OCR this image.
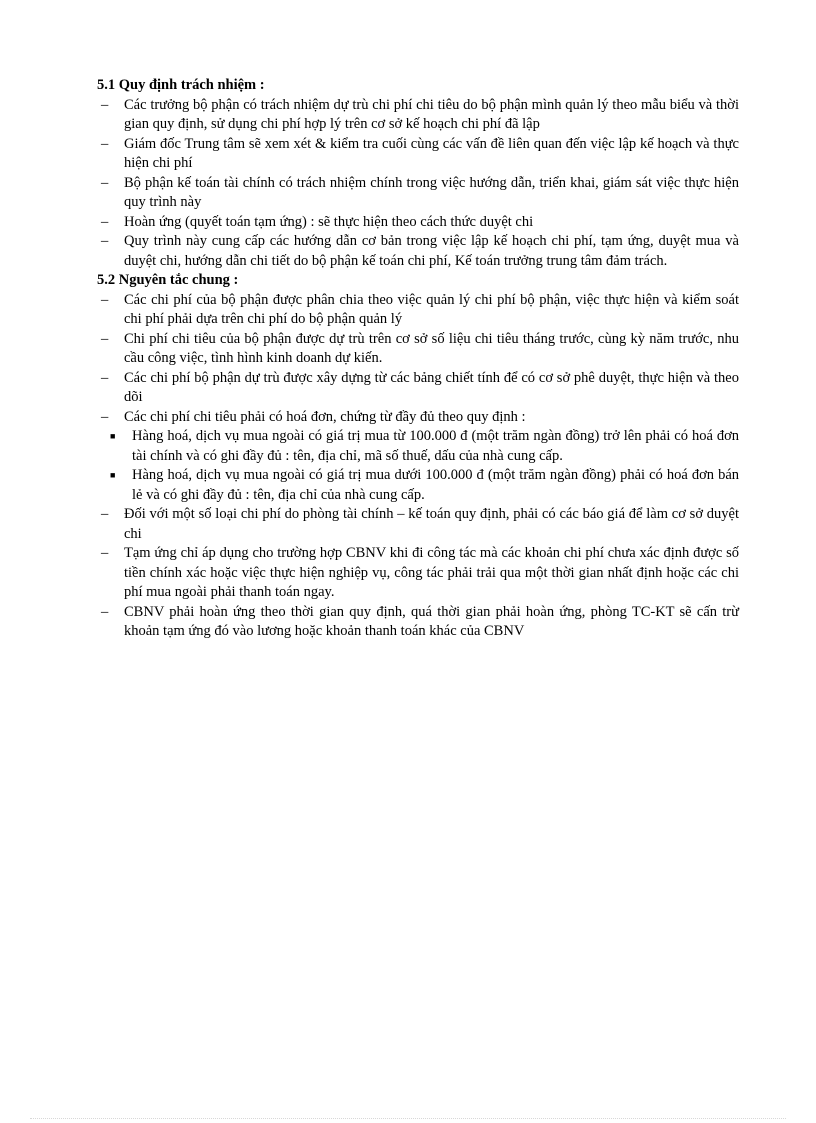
5.1 Quy định trách nhiệm :
–	Các trưởng bộ phận có trách nhiệm dự trù chi phí chi tiêu do bộ phận mình quản lý theo mẫu biểu và thời gian quy định, sử dụng chi phí hợp lý trên cơ sở kế hoạch chi phí đã lập
–	Giám đốc Trung tâm sẽ xem xét & kiểm tra cuối cùng các vấn đề liên quan đến việc lập kế hoạch và thực hiện chi phí
–	Bộ phận kế toán tài chính có trách nhiệm chính trong việc hướng dẫn, triển khai, giám sát việc thực hiện quy trình này
–	Hoàn ứng (quyết toán tạm ứng) : sẽ thực hiện theo cách thức duyệt chi
–	Quy trình này cung cấp các hướng dẫn cơ bản trong việc lập kế hoạch chi phí, tạm ứng, duyệt mua và duyệt chi, hướng dẫn chi tiết do bộ phận kế toán chi phí, Kế toán trưởng trung tâm đảm trách.
5.2 Nguyên tắc chung :
–	Các chi phí của bộ phận được phân chia theo việc quản lý chi phí bộ phận, việc thực hiện và kiểm soát chi phí phải dựa trên chi phí do bộ phận quản lý
–	Chi phí chi tiêu của bộ phận được dự trù trên cơ sở số liệu chi tiêu tháng trước, cùng kỳ năm trước, nhu cầu công việc, tình hình kinh doanh dự kiến.
–	Các chi phí bộ phận dự trù được xây dựng từ các bảng chiết tính để có cơ sở phê duyệt, thực hiện và theo dõi
–	Các chi phí chi tiêu phải có hoá đơn, chứng từ đầy đủ theo quy định :
■	Hàng hoá, dịch vụ mua ngoài có giá trị mua từ 100.000 đ (một trăm ngàn đồng) trở lên phải có hoá đơn tài chính và có ghi đầy đủ : tên, địa chỉ, mã số thuế, dấu của nhà cung cấp.
■	Hàng hoá, dịch vụ mua ngoài có giá trị mua dưới 100.000 đ (một trăm ngàn đồng) phải có hoá đơn bán lẻ và có ghi đầy đủ : tên, địa chỉ của nhà cung cấp.
–	Đối với một số loại chi phí do phòng tài chính – kế toán quy định, phải có các báo giá để làm cơ sở duyệt chi
–	Tạm ứng chỉ áp dụng cho trường hợp CBNV khi đi công tác mà các khoản chi phí chưa xác định được số tiền chính xác hoặc việc thực hiện nghiệp vụ, công tác phải trải qua một thời gian nhất định hoặc các chi phí mua ngoài phải thanh toán ngay.
–	CBNV phải hoàn ứng theo thời gian quy định, quá thời gian phải hoàn ứng, phòng TC-KT sẽ cấn trừ khoản tạm ứng đó vào lương hoặc khoản thanh toán khác của CBNV
